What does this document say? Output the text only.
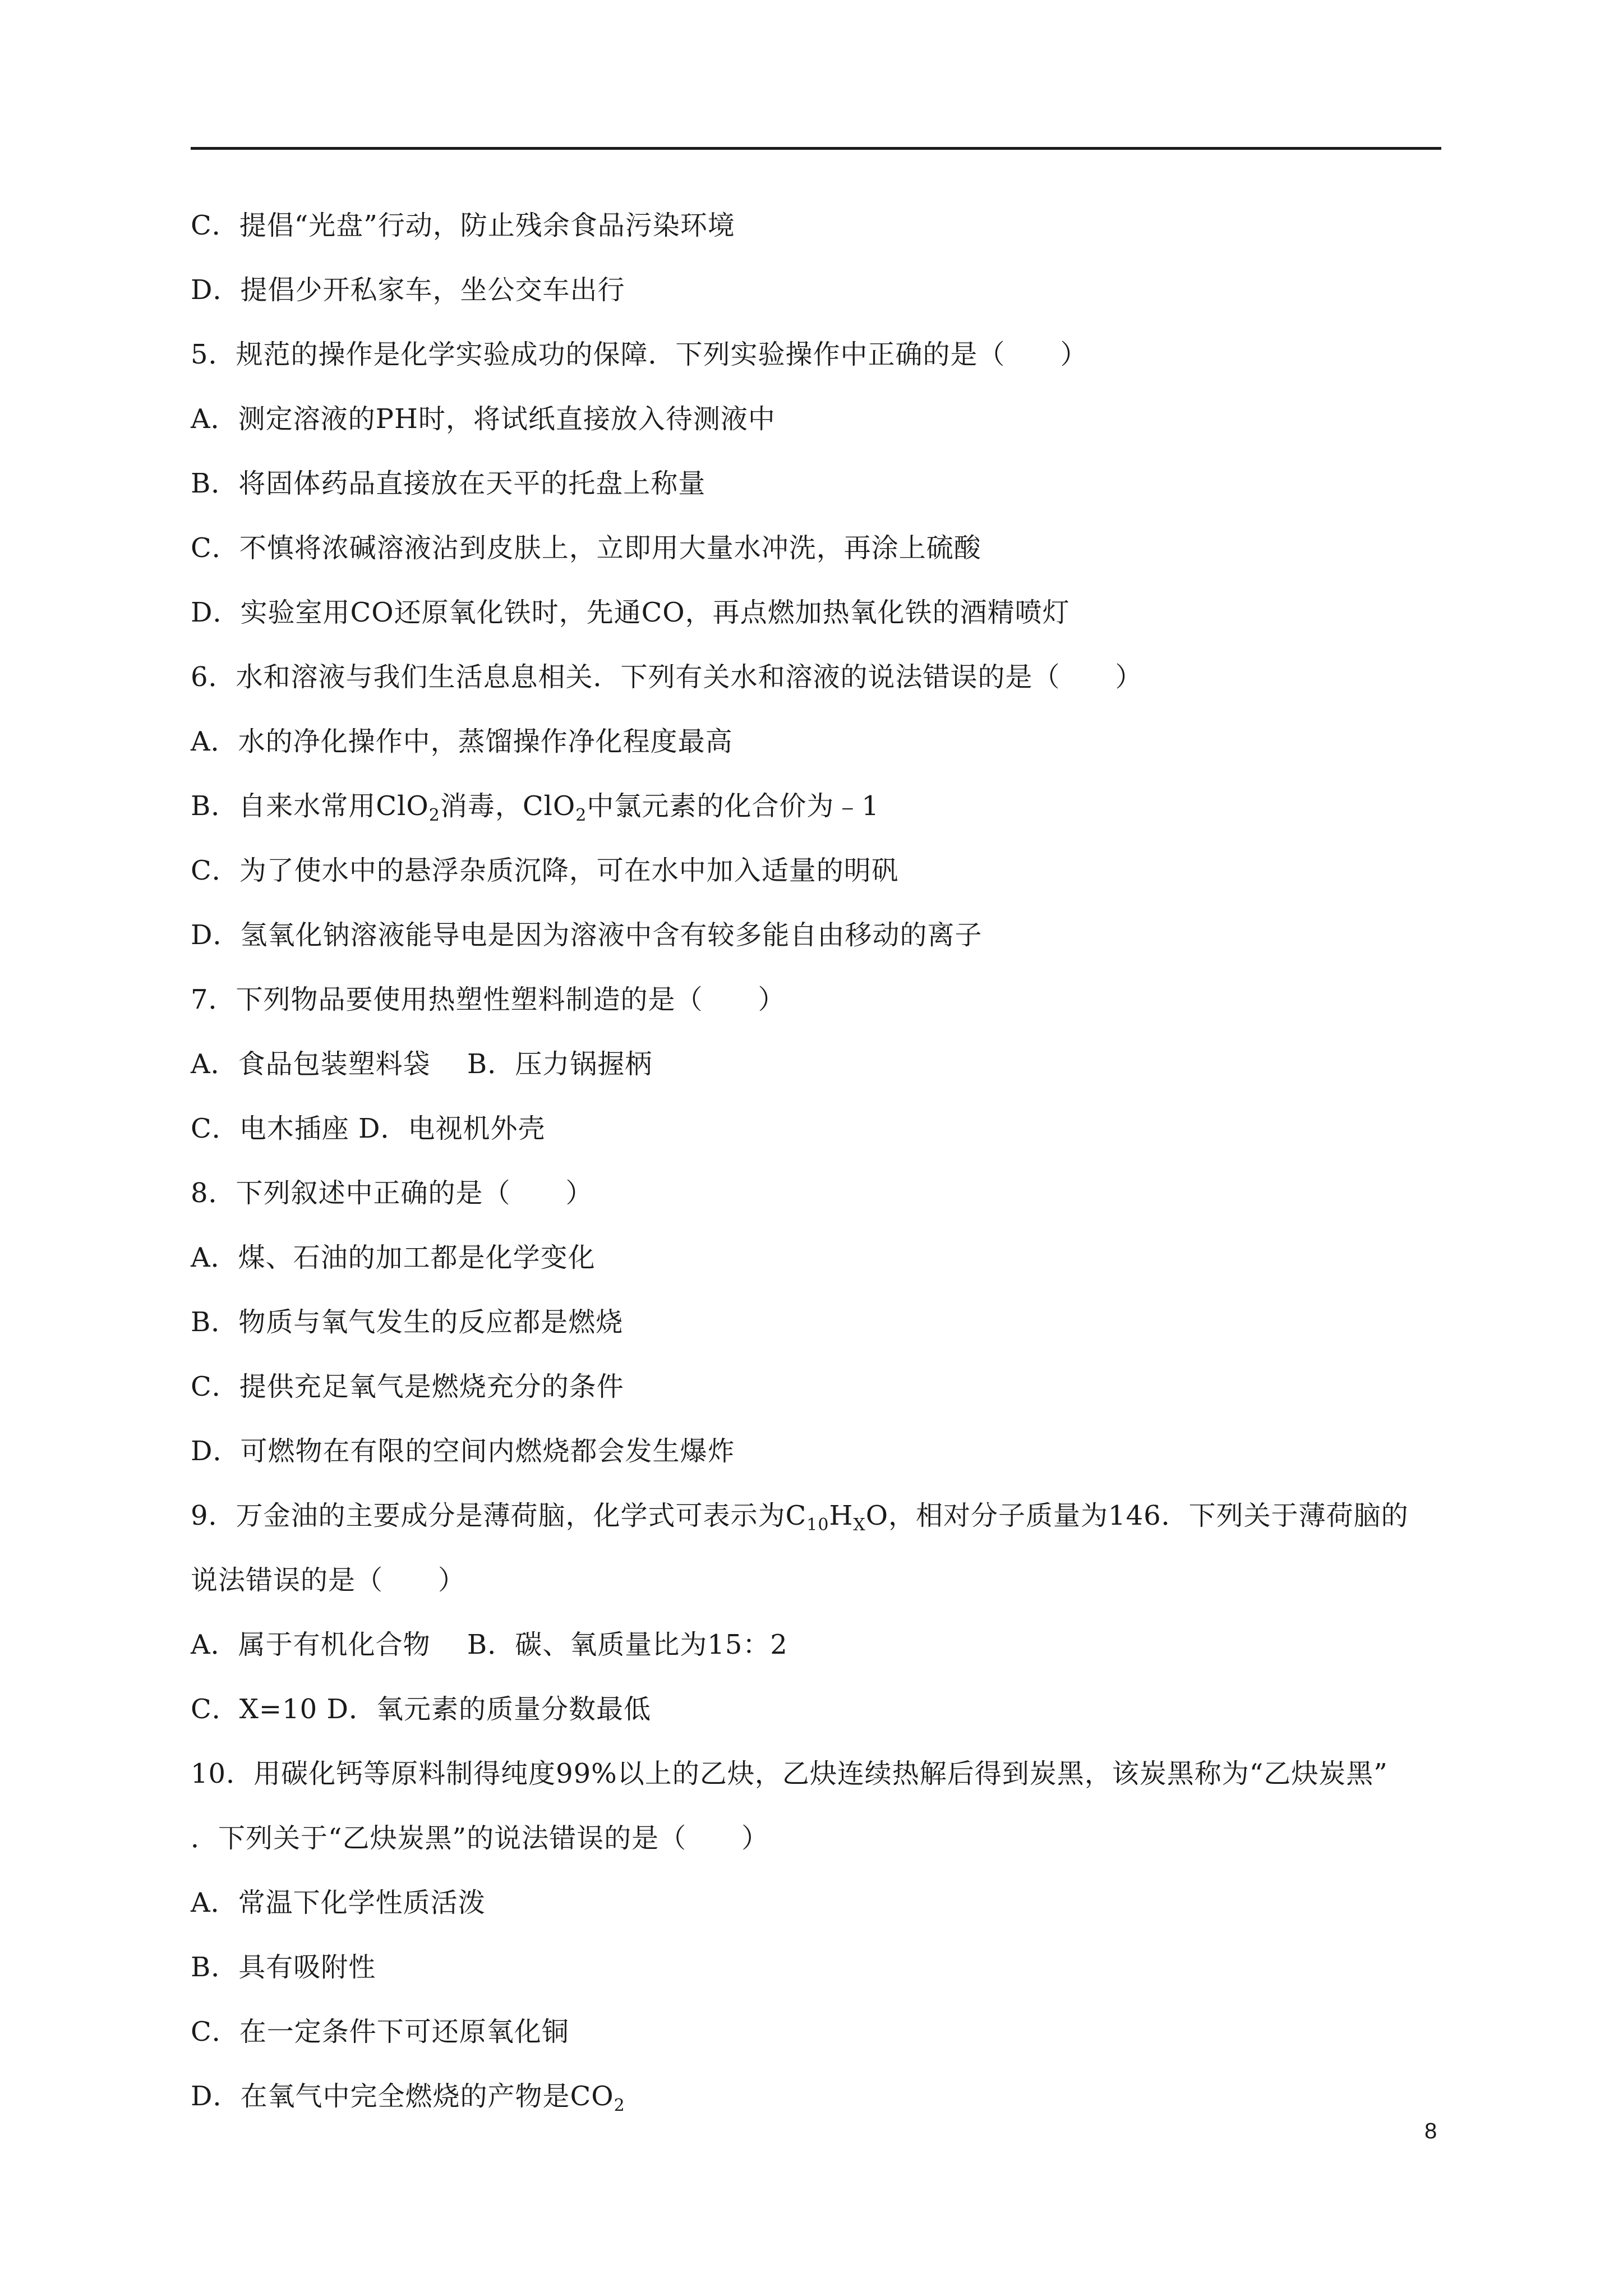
C．提倡“光盘”行动，防止残余食品污染环境
D．提倡少开私家车，坐公交车出行
5．规范的操作是化学实验成功的保障．下列实验操作中正确的是（　　）
A．测定溶液的PH时，将试纸直接放入待测液中
B．将固体药品直接放在天平的托盘上称量
C．不慎将浓碱溶液沾到皮肤上，立即用大量水冲洗，再涂上硫酸
D．实验室用CO还原氧化铁时，先通CO，再点燃加热氧化铁的酒精喷灯
6．水和溶液与我们生活息息相关．下列有关水和溶液的说法错误的是（　　）
A．水的净化操作中，蒸馏操作净化程度最高
B．自来水常用ClO$_2$消毒，ClO$_2$中氯元素的化合价为﹣1
C．为了使水中的悬浮杂质沉降，可在水中加入适量的明矾
D．氢氧化钠溶液能导电是因为溶液中含有较多能自由移动的离子
7．下列物品要使用热塑性塑料制造的是（　　）
A．食品包装塑料袋　 B．压力锅握柄
C．电木插座 D．电视机外壳
8．下列叙述中正确的是（　　）
A．煤、石油的加工都是化学变化
B．物质与氧气发生的反应都是燃烧
C．提供充足氧气是燃烧充分的条件
D．可燃物在有限的空间内燃烧都会发生爆炸
9．万金油的主要成分是薄荷脑，化学式可表示为$C_{10}H_XO$，相对分子质量为146．下列关于薄荷脑的
说法错误的是（　　）
A．属于有机化合物　 B．碳、氧质量比为15：2
C．X=10 D．氧元素的质量分数最低
10．用碳化钙等原料制得纯度99%以上的乙炔，乙炔连续热解后得到炭黑，该炭黑称为“乙炔炭黑”
．下列关于“乙炔炭黑”的说法错误的是（　　）
A．常温下化学性质活泼
B．具有吸附性
C．在一定条件下可还原氧化铜
D．在氧气中完全燃烧的产物是$CO_2$
8
